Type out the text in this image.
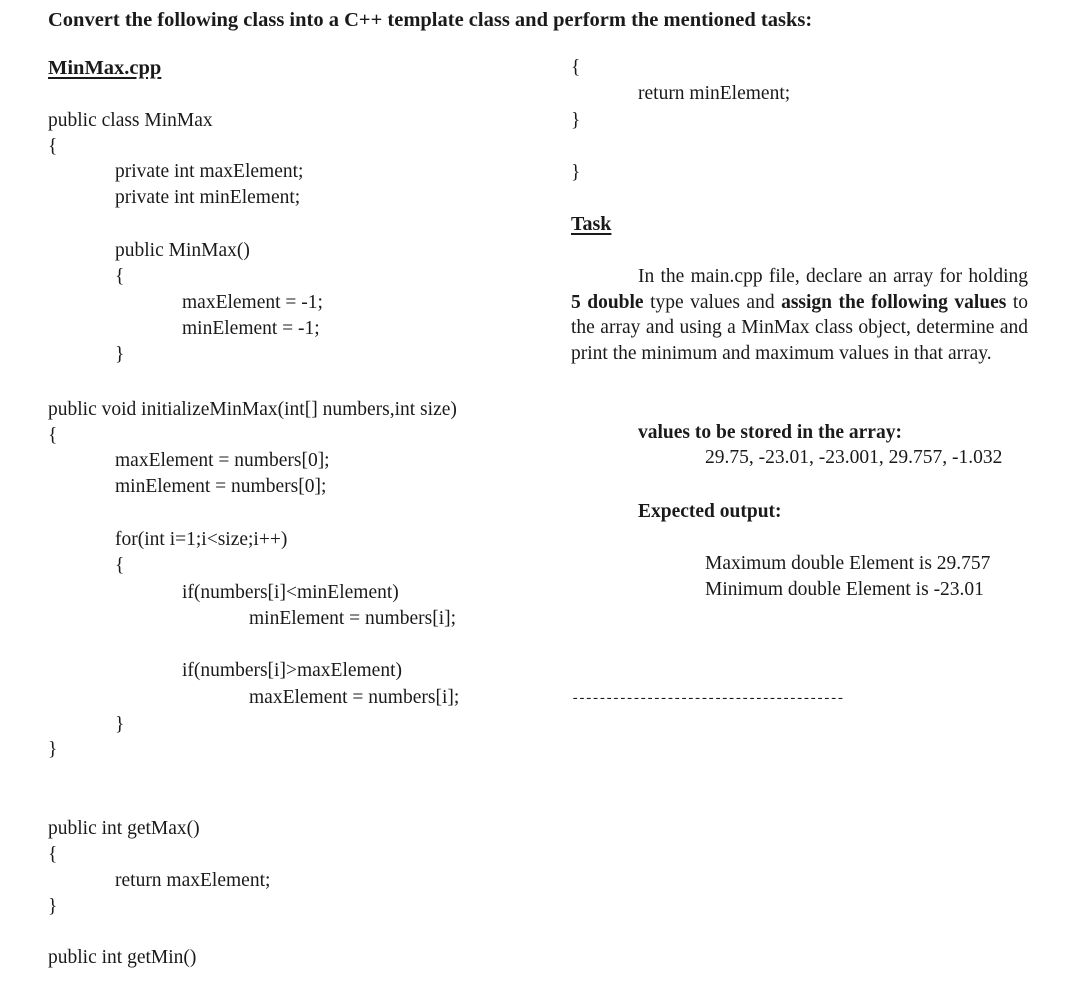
Convert the following class into a C++ template class and perform the mentioned tasks:
MinMax.cpp
public class MinMax
{
private int maxElement;
private int minElement;
public MinMax()
{
maxElement = -1;
minElement = -1;
}
public void initializeMinMax(int[] numbers,int size)
{
maxElement = numbers[0];
minElement = numbers[0];
for(int i=1;i<size;i++)
{
if(numbers[i]<minElement)
minElement = numbers[i];
if(numbers[i]>maxElement)
maxElement = numbers[i];
}
}
public int getMax()
{
return maxElement;
}
public int getMin()
{
return minElement;
}
}
Task
In the main.cpp file, declare an array for holding 5 double type values and assign the following values to the array and using a MinMax class object, determine and print the minimum and maximum values in that array.
values to be stored in the array:
29.75, -23.01, -23.001, 29.757, -1.032
Expected output:
Maximum double Element is 29.757
Minimum double Element is -23.01
----------------------------------------
